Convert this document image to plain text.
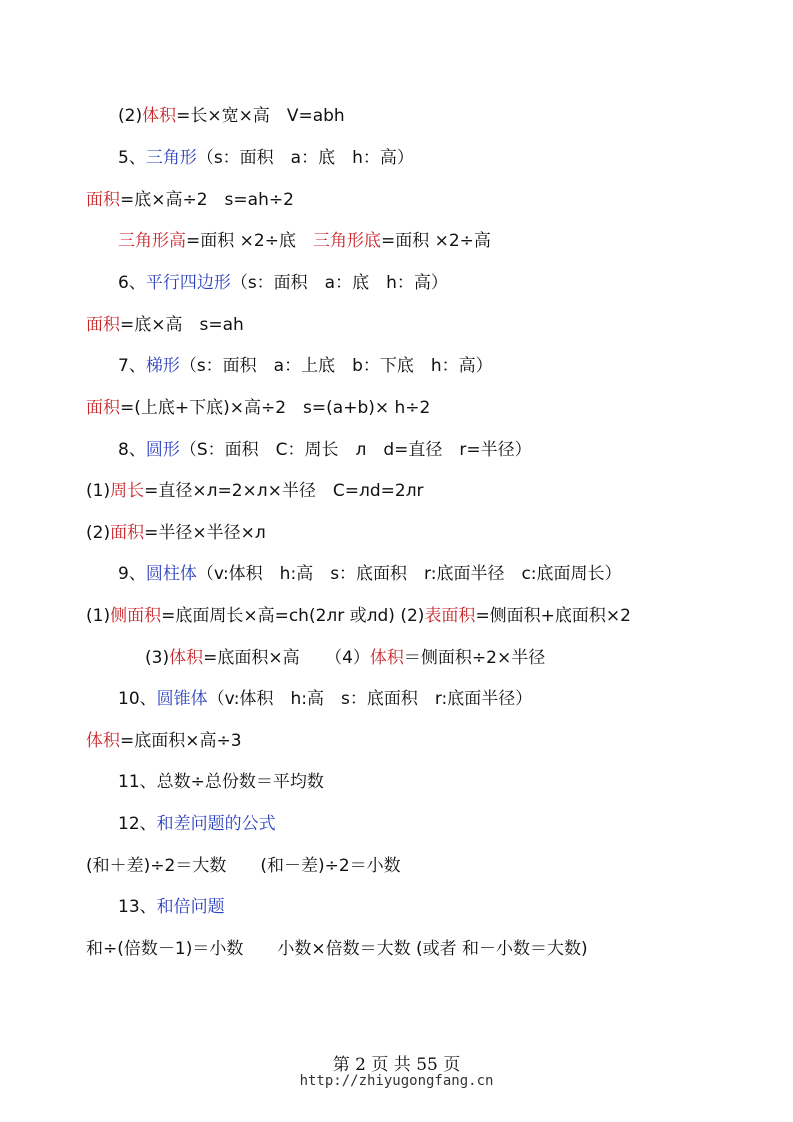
(2)体积=长×宽×高　V=abh
5、三角形（s：面积　a：底　h：高）
面积=底×高÷2　s=ah÷2
三角形高=面积 ×2÷底　三角形底=面积 ×2÷高
6、平行四边形（s：面积　a：底　h：高）
面积=底×高　s=ah
7、梯形（s：面积　a：上底　b：下底　h：高）
面积=(上底+下底)×高÷2　s=(a+b)× h÷2
8、圆形（S：面积　C：周长　л　d=直径　r=半径）
(1)周长=直径×л=2×л×半径　C=лd=2лr
(2)面积=半径×半径×л
9、圆柱体（v:体积　h:高　s：底面积　r:底面半径　c:底面周长）
(1)侧面积=底面周长×高=ch(2лr 或лd) (2)表面积=侧面积+底面积×2
(3)体积=底面积×高　　（4）体积＝侧面积÷2×半径
10、圆锥体（v:体积　h:高　s：底面积　r:底面半径）
体积=底面积×高÷3
11、总数÷总份数＝平均数
12、和差问题的公式
(和＋差)÷2＝大数　　(和－差)÷2＝小数
13、和倍问题
和÷(倍数－1)＝小数　　小数×倍数＝大数 (或者 和－小数＝大数)
第 2 页 共 55 页
http://zhiyugongfang.cn
